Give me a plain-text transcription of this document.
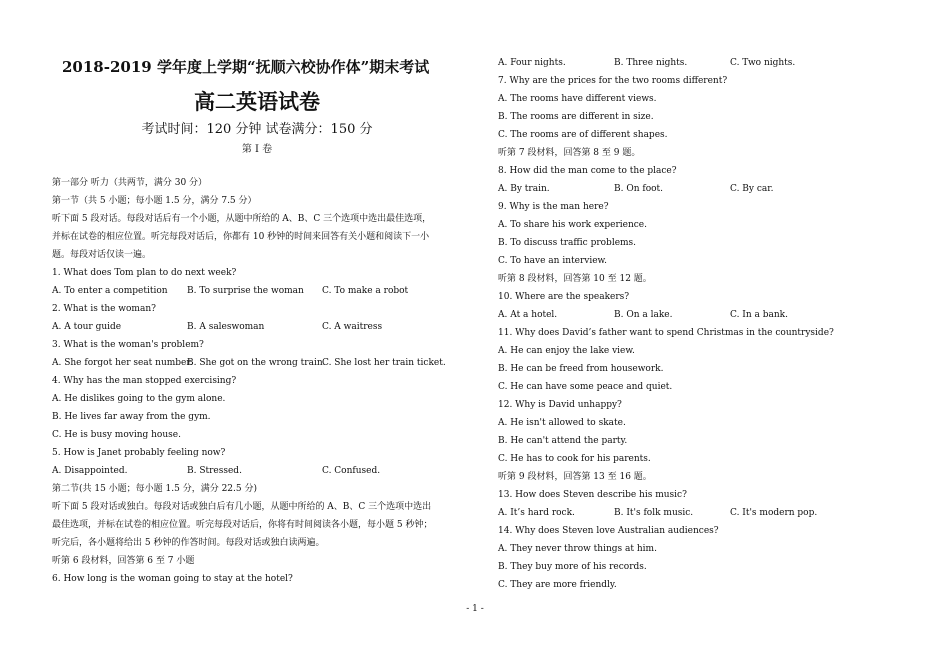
2018-2019 学年度上学期“抚顺六校协作体”期末考试
高二英语试卷
考试时间：120 分钟 试卷满分：150 分
第 I 卷
第一部分 听力（共两节，满分 30 分）
第一节（共 5 小题；每小题 1.5 分，满分 7.5 分）
听下面 5 段对话。每段对话后有一个小题，从题中所给的 A、B、C 三个选项中选出最佳选项，
并标在试卷的相应位置。听完每段对话后，你都有 10 秒钟的时间来回答有关小题和阅读下一小
题。每段对话仅读一遍。
1. What does Tom plan to do next week?
A. To enter a competition B. To surprise the woman C. To make a robot
2. What is the woman?
A. A tour guide	B. A saleswoman	C. A waitress
3. What is the woman's problem?
A. She forgot her seat number.
B. She got on the wrong train.
C. She lost her train ticket.
4. Why has the man stopped exercising?
A. He dislikes going to the gym alone.
B. He lives far away from the gym.
C. He is busy moving house.
5. How is Janet probably feeling now?
A. Disappointed.	B. Stressed.	C. Confused.
第二节(共 15 小题；每小题 1.5 分，满分 22.5 分)
听下面 5 段对话或独白。每段对话或独白后有几小题，从题中所给的 A、B、C 三个选项中选出
最佳选项，并标在试卷的相应位置。听完每段对话后，你将有时间阅读各小题，每小题 5 秒钟；
听完后，各小题将给出 5 秒钟的作答时间。每段对话或独白读两遍。
听第 6 段材料，回答第 6 至 7 小题
6. How long is the woman going to stay at the hotel?
A. Four nights.	B. Three nights.	C. Two nights.
7. Why are the prices for the two rooms different?
A. The rooms have different views.
B. The rooms are different in size.
C. The rooms are of different shapes.
听第 7 段材料，回答第 8 至 9 题。
8. How did the man come to the place?
A. By train.	B. On foot.	C. By car.
9. Why is the man here?
A. To share his work experience.
B. To discuss traffic problems.
C. To have an interview.
听第 8 段材料，回答第 10 至 12 题。
10. Where are the speakers?
A. At a hotel.	B. On a lake.	C. In a bank.
11. Why does David’s father want to spend Christmas in the countryside?
A. He can enjoy the lake view.
B. He can be freed from housework.
C. He can have some peace and quiet.
12. Why is David unhappy?
A. He isn't allowed to skate.
B. He can't attend the party.
C. He has to cook for his parents.
听第 9 段材料，回答第 13 至 16 题。
13. How does Steven describe his music?
A. It’s hard rock.	B. It's folk music.	C. It's modern pop.
14. Why does Steven love Australian audiences?
A. They never throw things at him.
B. They buy more of his records.
C. They are more friendly.
- 1 -
